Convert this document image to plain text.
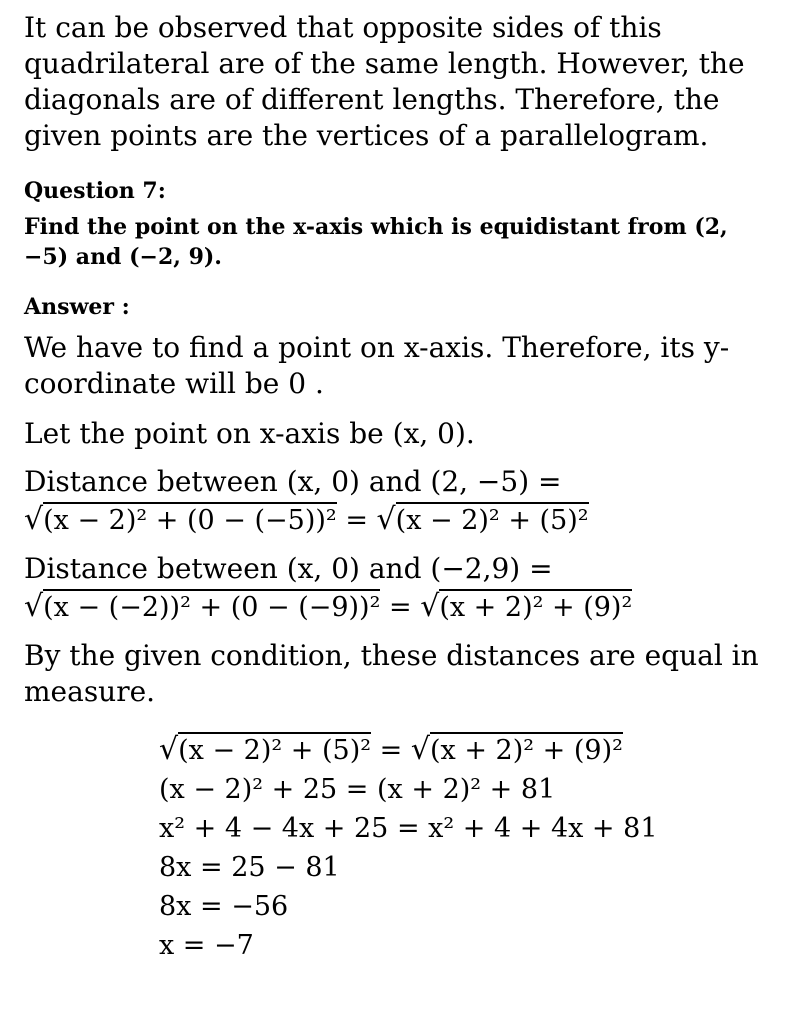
It can be observed that opposite sides of this quadrilateral are of the same length. However, the diagonals are of different lengths. Therefore, the given points are the vertices of a parallelogram.

Question 7:
Find the point on the x-axis which is equidistant from (2, −5) and (−2, 9).
Answer :

We have to find a point on x-axis. Therefore, its y-coordinate will be 0 .

Let the point on x-axis be (x, 0).

Distance between (x, 0) and (2, −5) =

√(x − 2)² + (0 − (−5))² = √(x − 2)² + (5)²

Distance between (x, 0) and (−2,9) =

√(x − (−2))² + (0 − (−9))² = √(x + 2)² + (9)²

By the given condition, these distances are equal in measure.

√(x − 2)² + (5)² = √(x + 2)² + (9)²
(x − 2)² + 25 = (x + 2)² + 81
x² + 4 − 4x + 25 = x² + 4 + 4x + 81
8x = 25 − 81
8x = −56
x = −7
